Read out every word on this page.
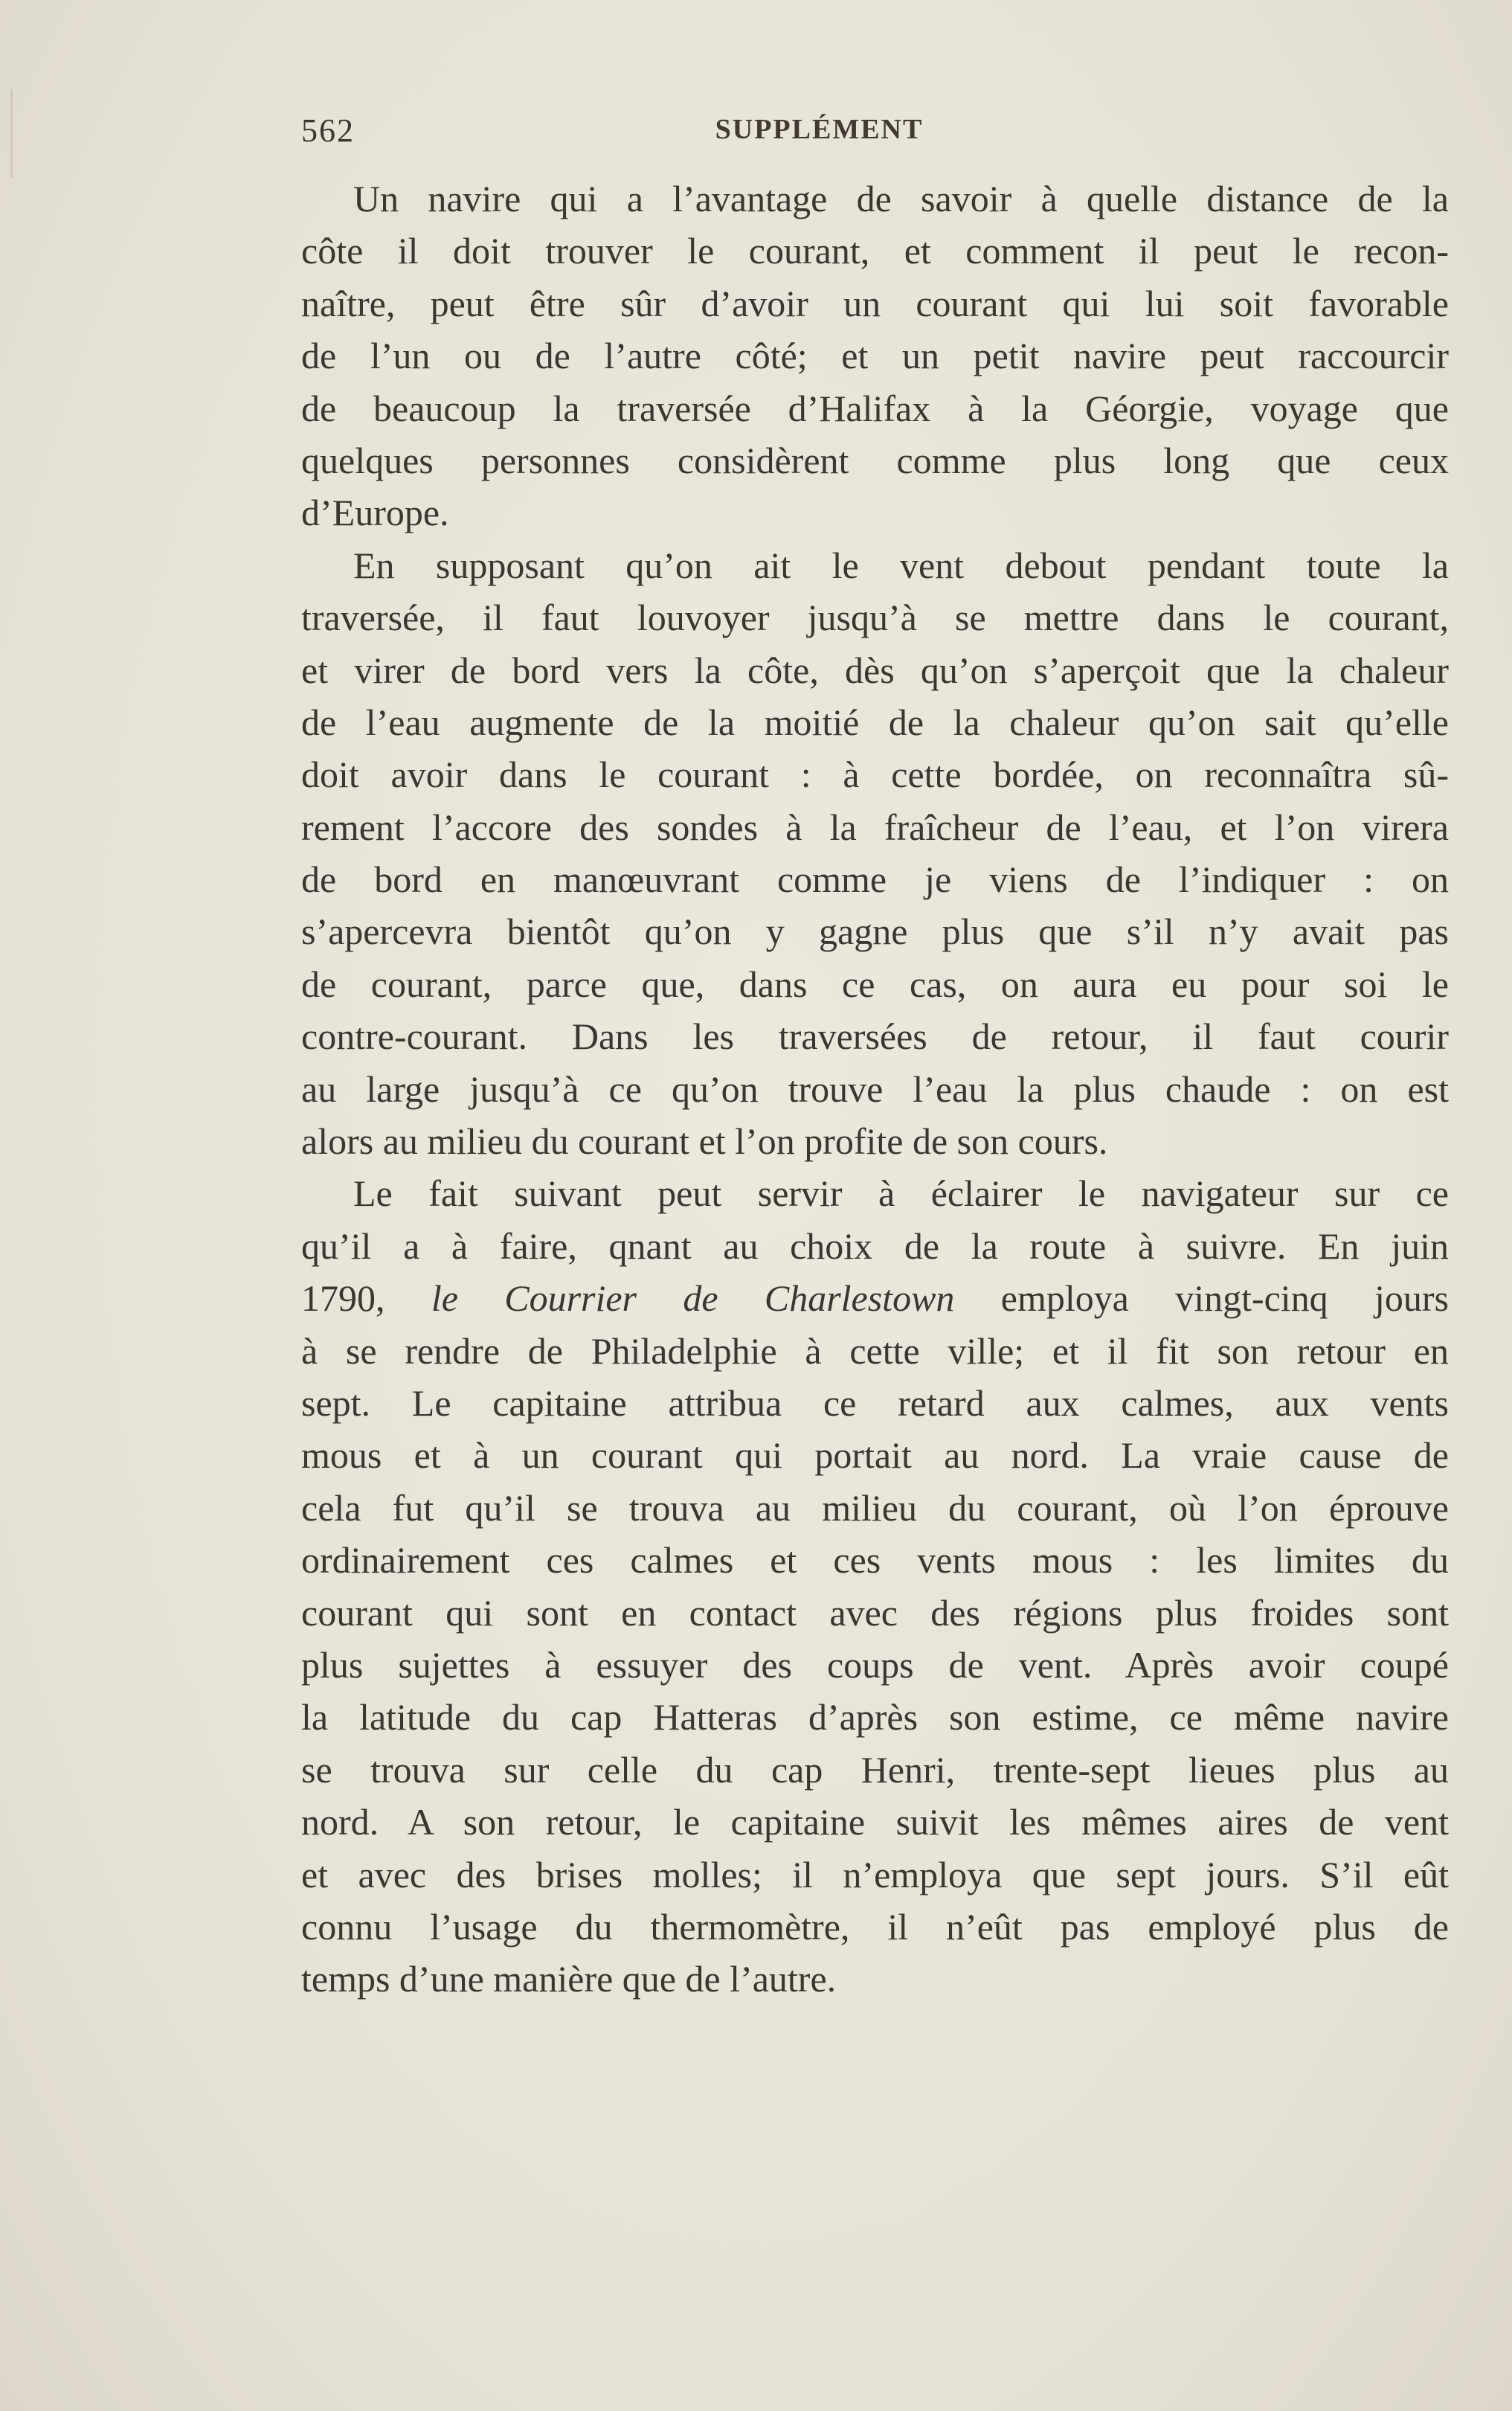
562	SUPPLÉMENT
Un navire qui a l’avantage de savoir à quelle distance de la
côte il doit trouver le courant, et comment il peut le recon-
naître, peut être sûr d’avoir un courant qui lui soit favorable
de l’un ou de l’autre côté; et un petit navire peut raccourcir
de beaucoup la traversée d’Halifax à la Géorgie, voyage que
quelques personnes considèrent comme plus long que ceux
d’Europe.
En supposant qu’on ait le vent debout pendant toute la
traversée, il faut louvoyer jusqu’à se mettre dans le courant,
et virer de bord vers la côte, dès qu’on s’aperçoit que la chaleur
de l’eau augmente de la moitié de la chaleur qu’on sait qu’elle
doit avoir dans le courant : à cette bordée, on reconnaîtra sû-
rement l’accore des sondes à la fraîcheur de l’eau, et l’on virera
de bord en manœuvrant comme je viens de l’indiquer : on
s’apercevra bientôt qu’on y gagne plus que s’il n’y avait pas
de courant, parce que, dans ce cas, on aura eu pour soi le
contre-courant. Dans les traversées de retour, il faut courir
au large jusqu’à ce qu’on trouve l’eau la plus chaude : on est
alors au milieu du courant et l’on profite de son cours.
Le fait suivant peut servir à éclairer le navigateur sur ce
qu’il a à faire, qnant au choix de la route à suivre. En juin
1790, le Courrier de Charlestown employa vingt-cinq jours
à se rendre de Philadelphie à cette ville; et il fit son retour en
sept. Le capitaine attribua ce retard aux calmes, aux vents
mous et à un courant qui portait au nord. La vraie cause de
cela fut qu’il se trouva au milieu du courant, où l’on éprouve
ordinairement ces calmes et ces vents mous : les limites du
courant qui sont en contact avec des régions plus froides sont
plus sujettes à essuyer des coups de vent. Après avoir coupé
la latitude du cap Hatteras d’après son estime, ce même navire
se trouva sur celle du cap Henri, trente-sept lieues plus au
nord. A son retour, le capitaine suivit les mêmes aires de vent
et avec des brises molles; il n’employa que sept jours. S’il eût
connu l’usage du thermomètre, il n’eût pas employé plus de
temps d’une manière que de l’autre.
